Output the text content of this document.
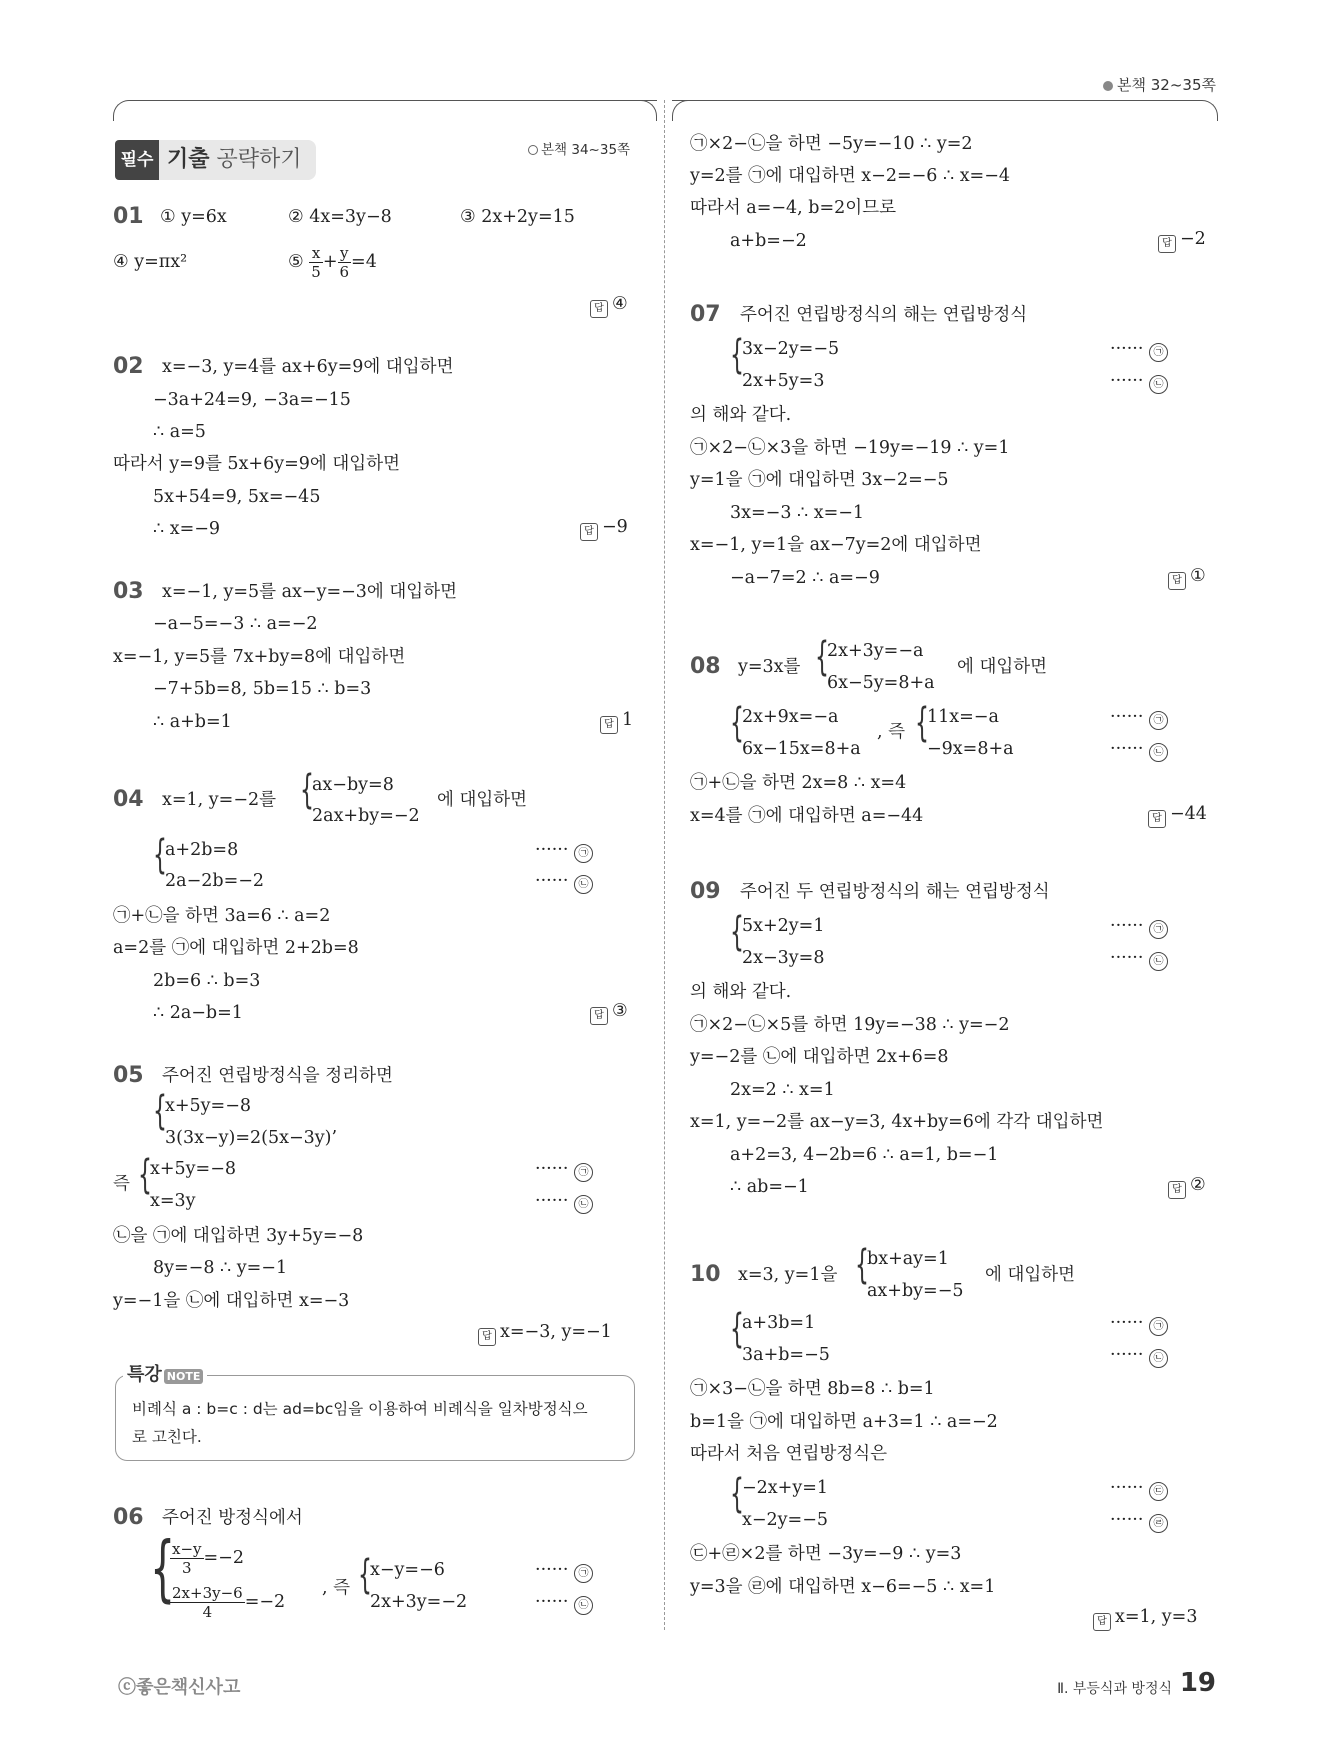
본책 32~35쪽
필수 기출 공략하기	본책 34~35쪽
01 ① y=6x	② 4x=3y−8	③ 2x+2y=15
④ y=πx²	⑤ $\frac{x}{5} + \frac{y}{6} =4$
답 ④
02 x=−3, y=4를 ax+6y=9에 대입하면
−3a+24=9, −3a=−15
∴ a=5
따라서 y=9를 5x+6y=9에 대입하면
5x+54=9, 5x=−45
∴ x=−9	답 −9
03 x=−1, y=5를 ax−y=−3에 대입하면
−a−5=−3 ∴ a=−2
x=−1, y=5를 7x+by=8에 대입하면
−7+5b=8, 5b=15 ∴ b=3
∴ a+b=1	답 1
04 x=1, y=−2를 {
ax−by=8
2ax+by=−2
에 대입하면
{
a+2b=8
2a−2b=−2
······ ㉠
······ ㉡
㉠+㉡을 하면 3a=6 ∴ a=2
a=2를 ㉠에 대입하면 2+2b=8
2b=6 ∴ b=3
∴ 2a−b=1	답 ③
05 주어진 연립방정식을 정리하면
{
x+5y=−8
3(3x−y)=2(5x−3y)’
즉 {
x+5y=−8
x=3y
······ ㉠
······ ㉡
㉡을 ㉠에 대입하면 3y+5y=−8
8y=−8 ∴ y=−1
y=−1을 ㉡에 대입하면 x=−3
답 x=−3, y=−1
특강 NOTE
비례식 a : b=c : d는 ad=bc임을 이용하여 비례식을 일차방정식으
로 고친다.
06 주어진 방정식에서
{
$\frac{x-y}{3} =-2$
$\frac{2x+3y-6}{4} =-2$
, 즉 {
x−y=−6
2x+3y=−2
······ ㉠
······ ㉡
㉠×2−㉡을 하면 −5y=−10 ∴ y=2
y=2를 ㉠에 대입하면 x−2=−6 ∴ x=−4
따라서 a=−4, b=2이므로
a+b=−2	답 −2
07 주어진 연립방정식의 해는 연립방정식
{
3x−2y=−5
2x+5y=3
······ ㉠
······ ㉡
의 해와 같다.
㉠×2−㉡×3을 하면 −19y=−19 ∴ y=1
y=1을 ㉠에 대입하면 3x−2=−5
3x=−3 ∴ x=−1
x=−1, y=1을 ax−7y=2에 대입하면
−a−7=2 ∴ a=−9	답 ①
08 y=3x를 {
2x+3y=−a
6x−5y=8+a
에 대입하면
{
2x+9x=−a
6x−15x=8+a
, 즉 {
11x=−a
−9x=8+a
······ ㉠
······ ㉡
㉠+㉡을 하면 2x=8 ∴ x=4
x=4를 ㉠에 대입하면 a=−44	답 −44
09 주어진 두 연립방정식의 해는 연립방정식
{
5x+2y=1
2x−3y=8
······ ㉠
······ ㉡
의 해와 같다.
㉠×2−㉡×5를 하면 19y=−38 ∴ y=−2
y=−2를 ㉡에 대입하면 2x+6=8
2x=2 ∴ x=1
x=1, y=−2를 ax−y=3, 4x+by=6에 각각 대입하면
a+2=3, 4−2b=6 ∴ a=1, b=−1
∴ ab=−1	답 ②
10 x=3, y=1을 {
bx+ay=1
ax+by=−5
에 대입하면
{
a+3b=1
3a+b=−5
······ ㉠
······ ㉡
㉠×3−㉡을 하면 8b=8 ∴ b=1
b=1을 ㉠에 대입하면 a+3=1 ∴ a=−2
따라서 처음 연립방정식은
{
−2x+y=1
x−2y=−5
······ ㉢
······ ㉣
㉢+㉣×2를 하면 −3y=−9 ∴ y=3
y=3을 ㉣에 대입하면 x−6=−5 ∴ x=1
답 x=1, y=3
ⓒ좋은책신사고	Ⅱ. 부등식과 방정식 19
